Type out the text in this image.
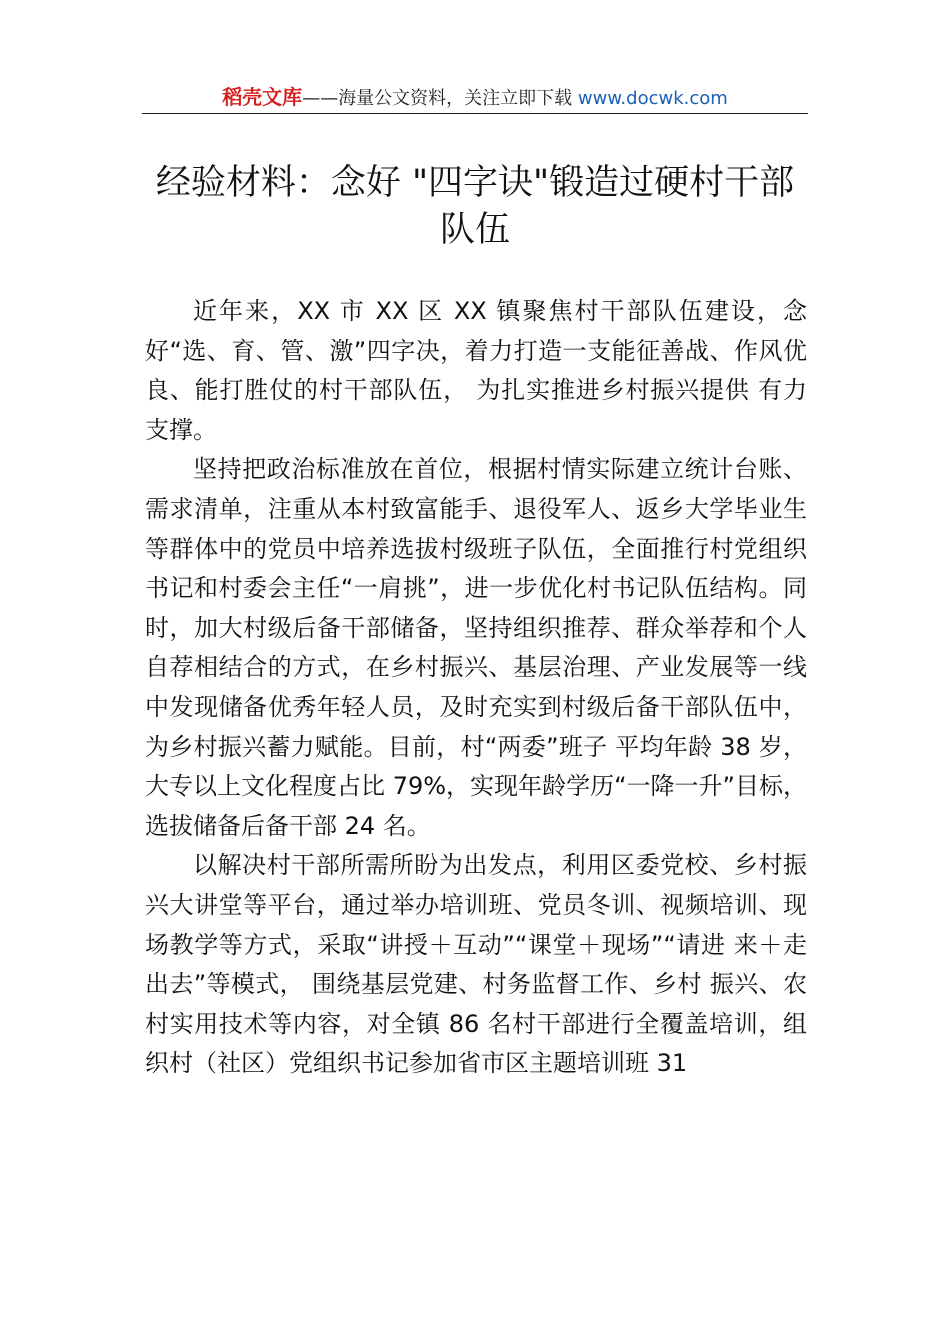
稻壳文库——海量公文资料，关注立即下载 www.docwk.com
经验材料：念好 "四字诀"锻造过硬村干部队伍

近年来，XX 市 XX 区 XX 镇聚焦村干部队伍建设，念好“选、育、管、激”四字决，着力打造一支能征善战、作风优良、能打胜仗的村干部队伍， 为扎实推进乡村振兴提供 有力支撑。

坚持把政治标准放在首位，根据村情实际建立统计台账、需求清单，注重从本村致富能手、退役军人、返乡大学毕业生等群体中的党员中培养选拔村级班子队伍，全面推行村党组织书记和村委会主任“一肩挑”，进一步优化村书记队伍结构。同时，加大村级后备干部储备，坚持组织推荐、群众举荐和个人自荐相结合的方式，在乡村振兴、基层治理、产业发展等一线中发现储备优秀年轻人员，及时充实到村级后备干部队伍中，为乡村振兴蓄力赋能。目前，村“两委”班子 平均年龄 38 岁，大专以上文化程度占比 79%，实现年龄学历“一降一升”目标，选拔储备后备干部 24 名。

以解决村干部所需所盼为出发点，利用区委党校、乡村振兴大讲堂等平台，通过举办培训班、党员冬训、视频培训、现场教学等方式，采取“讲授＋互动”“课堂＋现场”“请进 来＋走出去”等模式， 围绕基层党建、村务监督工作、乡村 振兴、农村实用技术等内容，对全镇 86 名村干部进行全覆盖培训，组织村（社区）党组织书记参加省市区主题培训班 31
